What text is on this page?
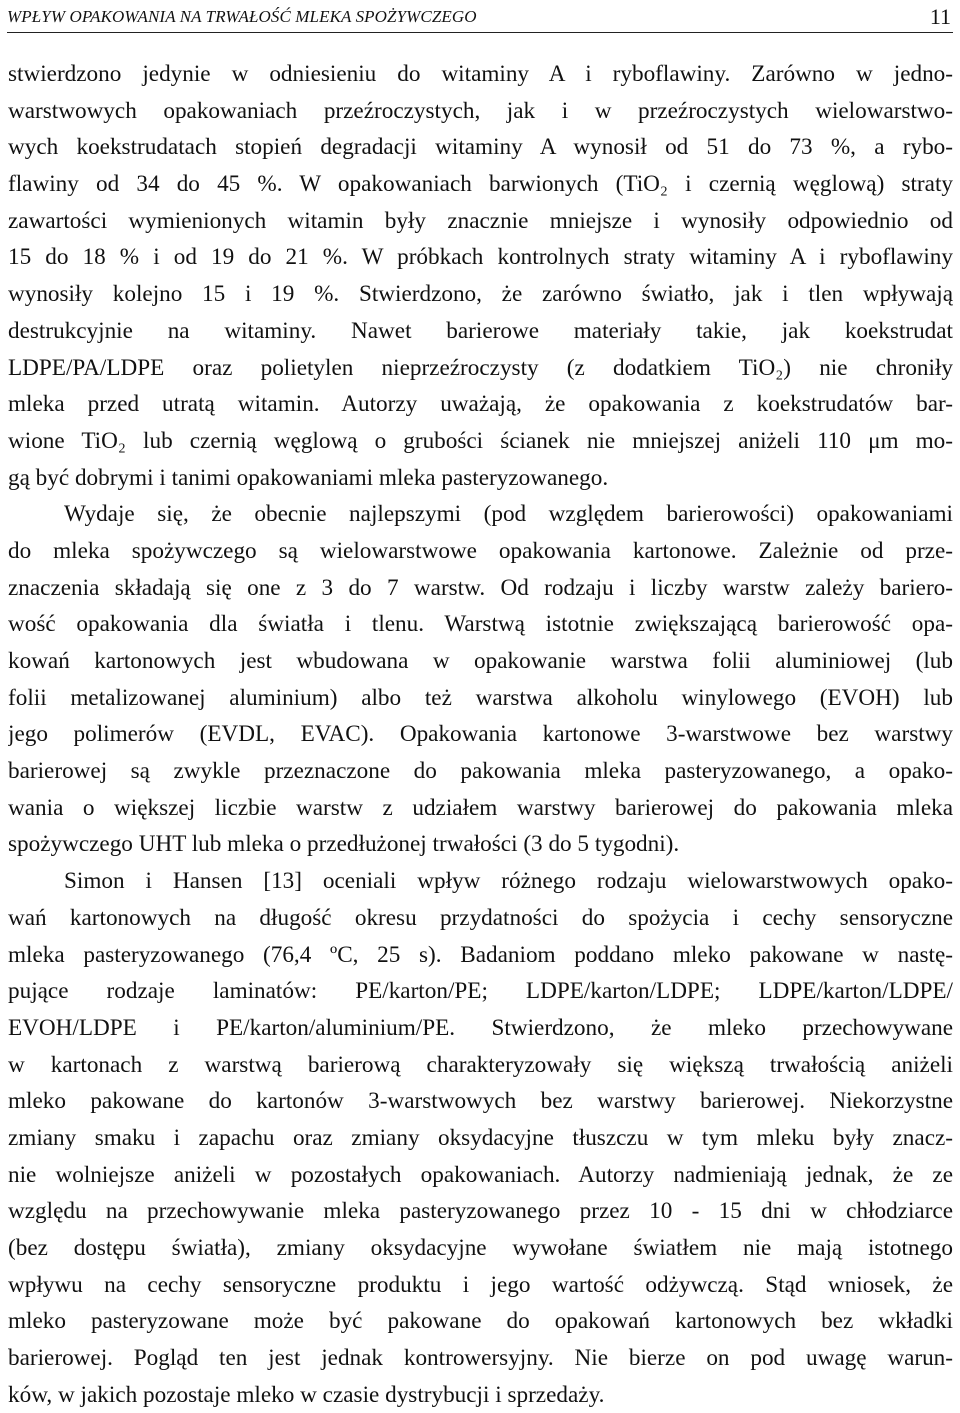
WPŁYW OPAKOWANIA NA TRWAŁOŚĆ MLEKA SPOŻYWCZEGO	11
stwierdzono jedynie w odniesieniu do witaminy A i ryboflawiny. Zarówno w jedno-
warstwowych opakowaniach przeźroczystych, jak i w przeźroczystych wielowarstwo-
wych koekstrudatach stopień degradacji witaminy A wynosił od 51 do 73 %, a rybo-
flawiny od 34 do 45 %. W opakowaniach barwionych (TiO₂ i czernią węglową) straty
zawartości wymienionych witamin były znacznie mniejsze i wynosiły odpowiednio od
15 do 18 % i od 19 do 21 %. W próbkach kontrolnych straty witaminy A i ryboflawiny
wynosiły kolejno 15 i 19 %. Stwierdzono, że zarówno światło, jak i tlen wpływają
destrukcyjnie na witaminy. Nawet barierowe materiały takie, jak koekstrudat
LDPE/PA/LDPE oraz polietylen nieprzeźroczysty (z dodatkiem TiO₂) nie chroniły
mleka przed utratą witamin. Autorzy uważają, że opakowania z koekstrudatów bar-
wione TiO₂ lub czernią węglową o grubości ścianek nie mniejszej aniżeli 110 μm mo-
gą być dobrymi i tanimi opakowaniami mleka pasteryzowanego.
Wydaje się, że obecnie najlepszymi (pod względem barierowości) opakowaniami
do mleka spożywczego są wielowarstwowe opakowania kartonowe. Zależnie od prze-
znaczenia składają się one z 3 do 7 warstw. Od rodzaju i liczby warstw zależy bariero-
wość opakowania dla światła i tlenu. Warstwą istotnie zwiększającą barierowość opa-
kowań kartonowych jest wbudowana w opakowanie warstwa folii aluminiowej (lub
folii metalizowanej aluminium) albo też warstwa alkoholu winylowego (EVOH) lub
jego polimerów (EVDL, EVAC). Opakowania kartonowe 3-warstwowe bez warstwy
barierowej są zwykle przeznaczone do pakowania mleka pasteryzowanego, a opako-
wania o większej liczbie warstw z udziałem warstwy barierowej do pakowania mleka
spożywczego UHT lub mleka o przedłużonej trwałości (3 do 5 tygodni).
Simon i Hansen [13] oceniali wpływ różnego rodzaju wielowarstwowych opako-
wań kartonowych na długość okresu przydatności do spożycia i cechy sensoryczne
mleka pasteryzowanego (76,4 ºC, 25 s). Badaniom poddano mleko pakowane w nastę-
pujące rodzaje laminatów: PE/karton/PE; LDPE/karton/LDPE; LDPE/karton/LDPE/
EVOH/LDPE i PE/karton/aluminium/PE. Stwierdzono, że mleko przechowywane
w kartonach z warstwą barierową charakteryzowały się większą trwałością aniżeli
mleko pakowane do kartonów 3-warstwowych bez warstwy barierowej. Niekorzystne
zmiany smaku i zapachu oraz zmiany oksydacyjne tłuszczu w tym mleku były znacz-
nie wolniejsze aniżeli w pozostałych opakowaniach. Autorzy nadmieniają jednak, że ze
względu na przechowywanie mleka pasteryzowanego przez 10 - 15 dni w chłodziarce
(bez dostępu światła), zmiany oksydacyjne wywołane światłem nie mają istotnego
wpływu na cechy sensoryczne produktu i jego wartość odżywczą. Stąd wniosek, że
mleko pasteryzowane może być pakowane do opakowań kartonowych bez wkładki
barierowej. Pogląd ten jest jednak kontrowersyjny. Nie bierze on pod uwagę warun-
ków, w jakich pozostaje mleko w czasie dystrybucji i sprzedaży.
